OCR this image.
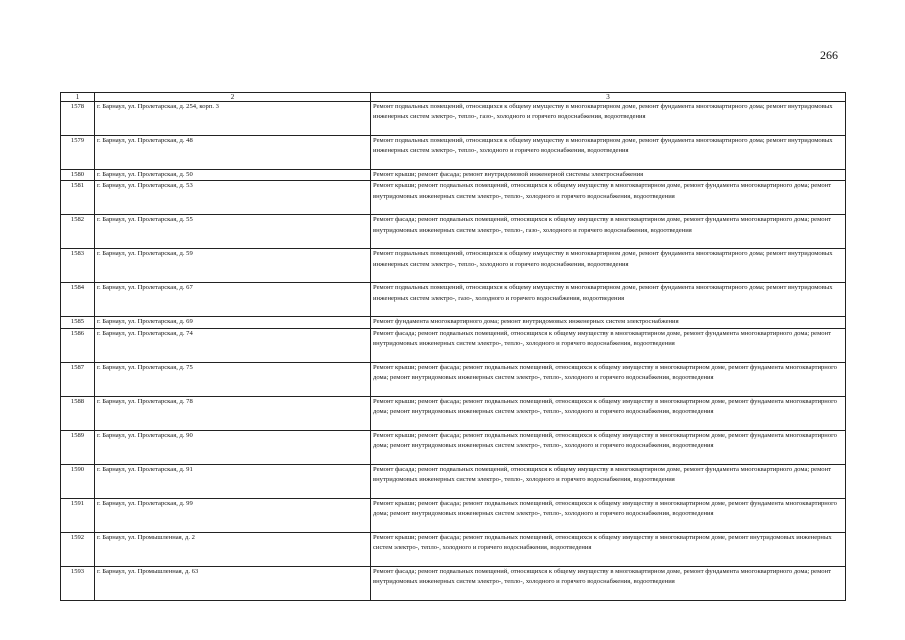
266
1	2	3
1578	г. Барнаул, ул. Пролетарская, д. 254, корп. 3	Ремонт подвальных помещений, относящихся к общему имуществу в многоквартирном доме, ремонт фундамента многоквартирного дома; ремонт внутридомовых инженерных систем электро-, тепло-, газо-, холодного и горячего водоснабжения, водоотведения
1579	г. Барнаул, ул. Пролетарская, д. 48	Ремонт подвальных помещений, относящихся к общему имуществу в многоквартирном доме, ремонт фундамента многоквартирного дома; ремонт внутридомовых инженерных систем электро-, тепло-, холодного и горячего водоснабжения, водоотведения
1580	г. Барнаул, ул. Пролетарская, д. 50	Ремонт крыши; ремонт фасада; ремонт внутридомовой инженерной системы электроснабжения
1581	г. Барнаул, ул. Пролетарская, д. 53	Ремонт крыши; ремонт подвальных помещений, относящихся к общему имуществу в многоквартирном доме, ремонт фундамента многоквартирного дома; ремонт внутридомовых инженерных систем электро-, тепло-, холодного и горячего водоснабжения, водоотведения
1582	г. Барнаул, ул. Пролетарская, д. 55	Ремонт фасада; ремонт подвальных помещений, относящихся к общему имуществу в многоквартирном доме, ремонт фундамента многоквартирного дома; ремонт внутридомовых инженерных систем электро-, тепло-, газо-, холодного и горячего водоснабжения, водоотведения
1583	г. Барнаул, ул. Пролетарская, д. 59	Ремонт подвальных помещений, относящихся к общему имуществу в многоквартирном доме, ремонт фундамента многоквартирного дома; ремонт внутридомовых инженерных систем электро-, тепло-, холодного и горячего водоснабжения, водоотведения
1584	г. Барнаул, ул. Пролетарская, д. 67	Ремонт подвальных помещений, относящихся к общему имуществу в многоквартирном доме, ремонт фундамента многоквартирного дома; ремонт внутридомовых инженерных систем электро-, газо-, холодного и горячего водоснабжения, водоотведения
1585	г. Барнаул, ул. Пролетарская, д. 69	Ремонт фундамента многоквартирного дома; ремонт внутридомовых инженерных систем электроснабжения
1586	г. Барнаул, ул. Пролетарская, д. 74	Ремонт фасада; ремонт подвальных помещений, относящихся к общему имуществу в многоквартирном доме, ремонт фундамента многоквартирного дома; ремонт внутридомовых инженерных систем электро-, тепло-, холодного и горячего водоснабжения, водоотведения
1587	г. Барнаул, ул. Пролетарская, д. 75	Ремонт крыши; ремонт фасада; ремонт подвальных помещений, относящихся к общему имуществу в многоквартирном доме, ремонт фундамента многоквартирного дома; ремонт внутридомовых инженерных систем электро-, тепло-, холодного и горячего водоснабжения, водоотведения
1588	г. Барнаул, ул. Пролетарская, д. 78	Ремонт крыши; ремонт фасада; ремонт подвальных помещений, относящихся к общему имуществу в многоквартирном доме, ремонт фундамента многоквартирного дома; ремонт внутридомовых инженерных систем электро-, тепло-, холодного и горячего водоснабжения, водоотведения
1589	г. Барнаул, ул. Пролетарская, д. 90	Ремонт крыши; ремонт фасада; ремонт подвальных помещений, относящихся к общему имуществу в многоквартирном доме, ремонт фундамента многоквартирного дома; ремонт внутридомовых инженерных систем электро-, тепло-, холодного и горячего водоснабжения, водоотведения
1590	г. Барнаул, ул. Пролетарская, д. 91	Ремонт фасада; ремонт подвальных помещений, относящихся к общему имуществу в многоквартирном доме, ремонт фундамента многоквартирного дома; ремонт внутридомовых инженерных систем электро-, тепло-, холодного и горячего водоснабжения, водоотведения
1591	г. Барнаул, ул. Пролетарская, д. 99	Ремонт крыши; ремонт фасада; ремонт подвальных помещений, относящихся к общему имуществу в многоквартирном доме, ремонт фундамента многоквартирного дома; ремонт внутридомовых инженерных систем электро-, тепло-, холодного и горячего водоснабжения, водоотведения
1592	г. Барнаул, ул. Промышленная, д. 2	Ремонт крыши; ремонт фасада; ремонт подвальных помещений, относящихся к общему имуществу в многоквартирном доме, ремонт внутридомовых инженерных систем электро-, тепло-, холодного и горячего водоснабжения, водоотведения
1593	г. Барнаул, ул. Промышленная, д. 63	Ремонт фасада; ремонт подвальных помещений, относящихся к общему имуществу в многоквартирном доме, ремонт фундамента многоквартирного дома; ремонт внутридомовых инженерных систем электро-, тепло-, холодного и горячего водоснабжения, водоотведения
